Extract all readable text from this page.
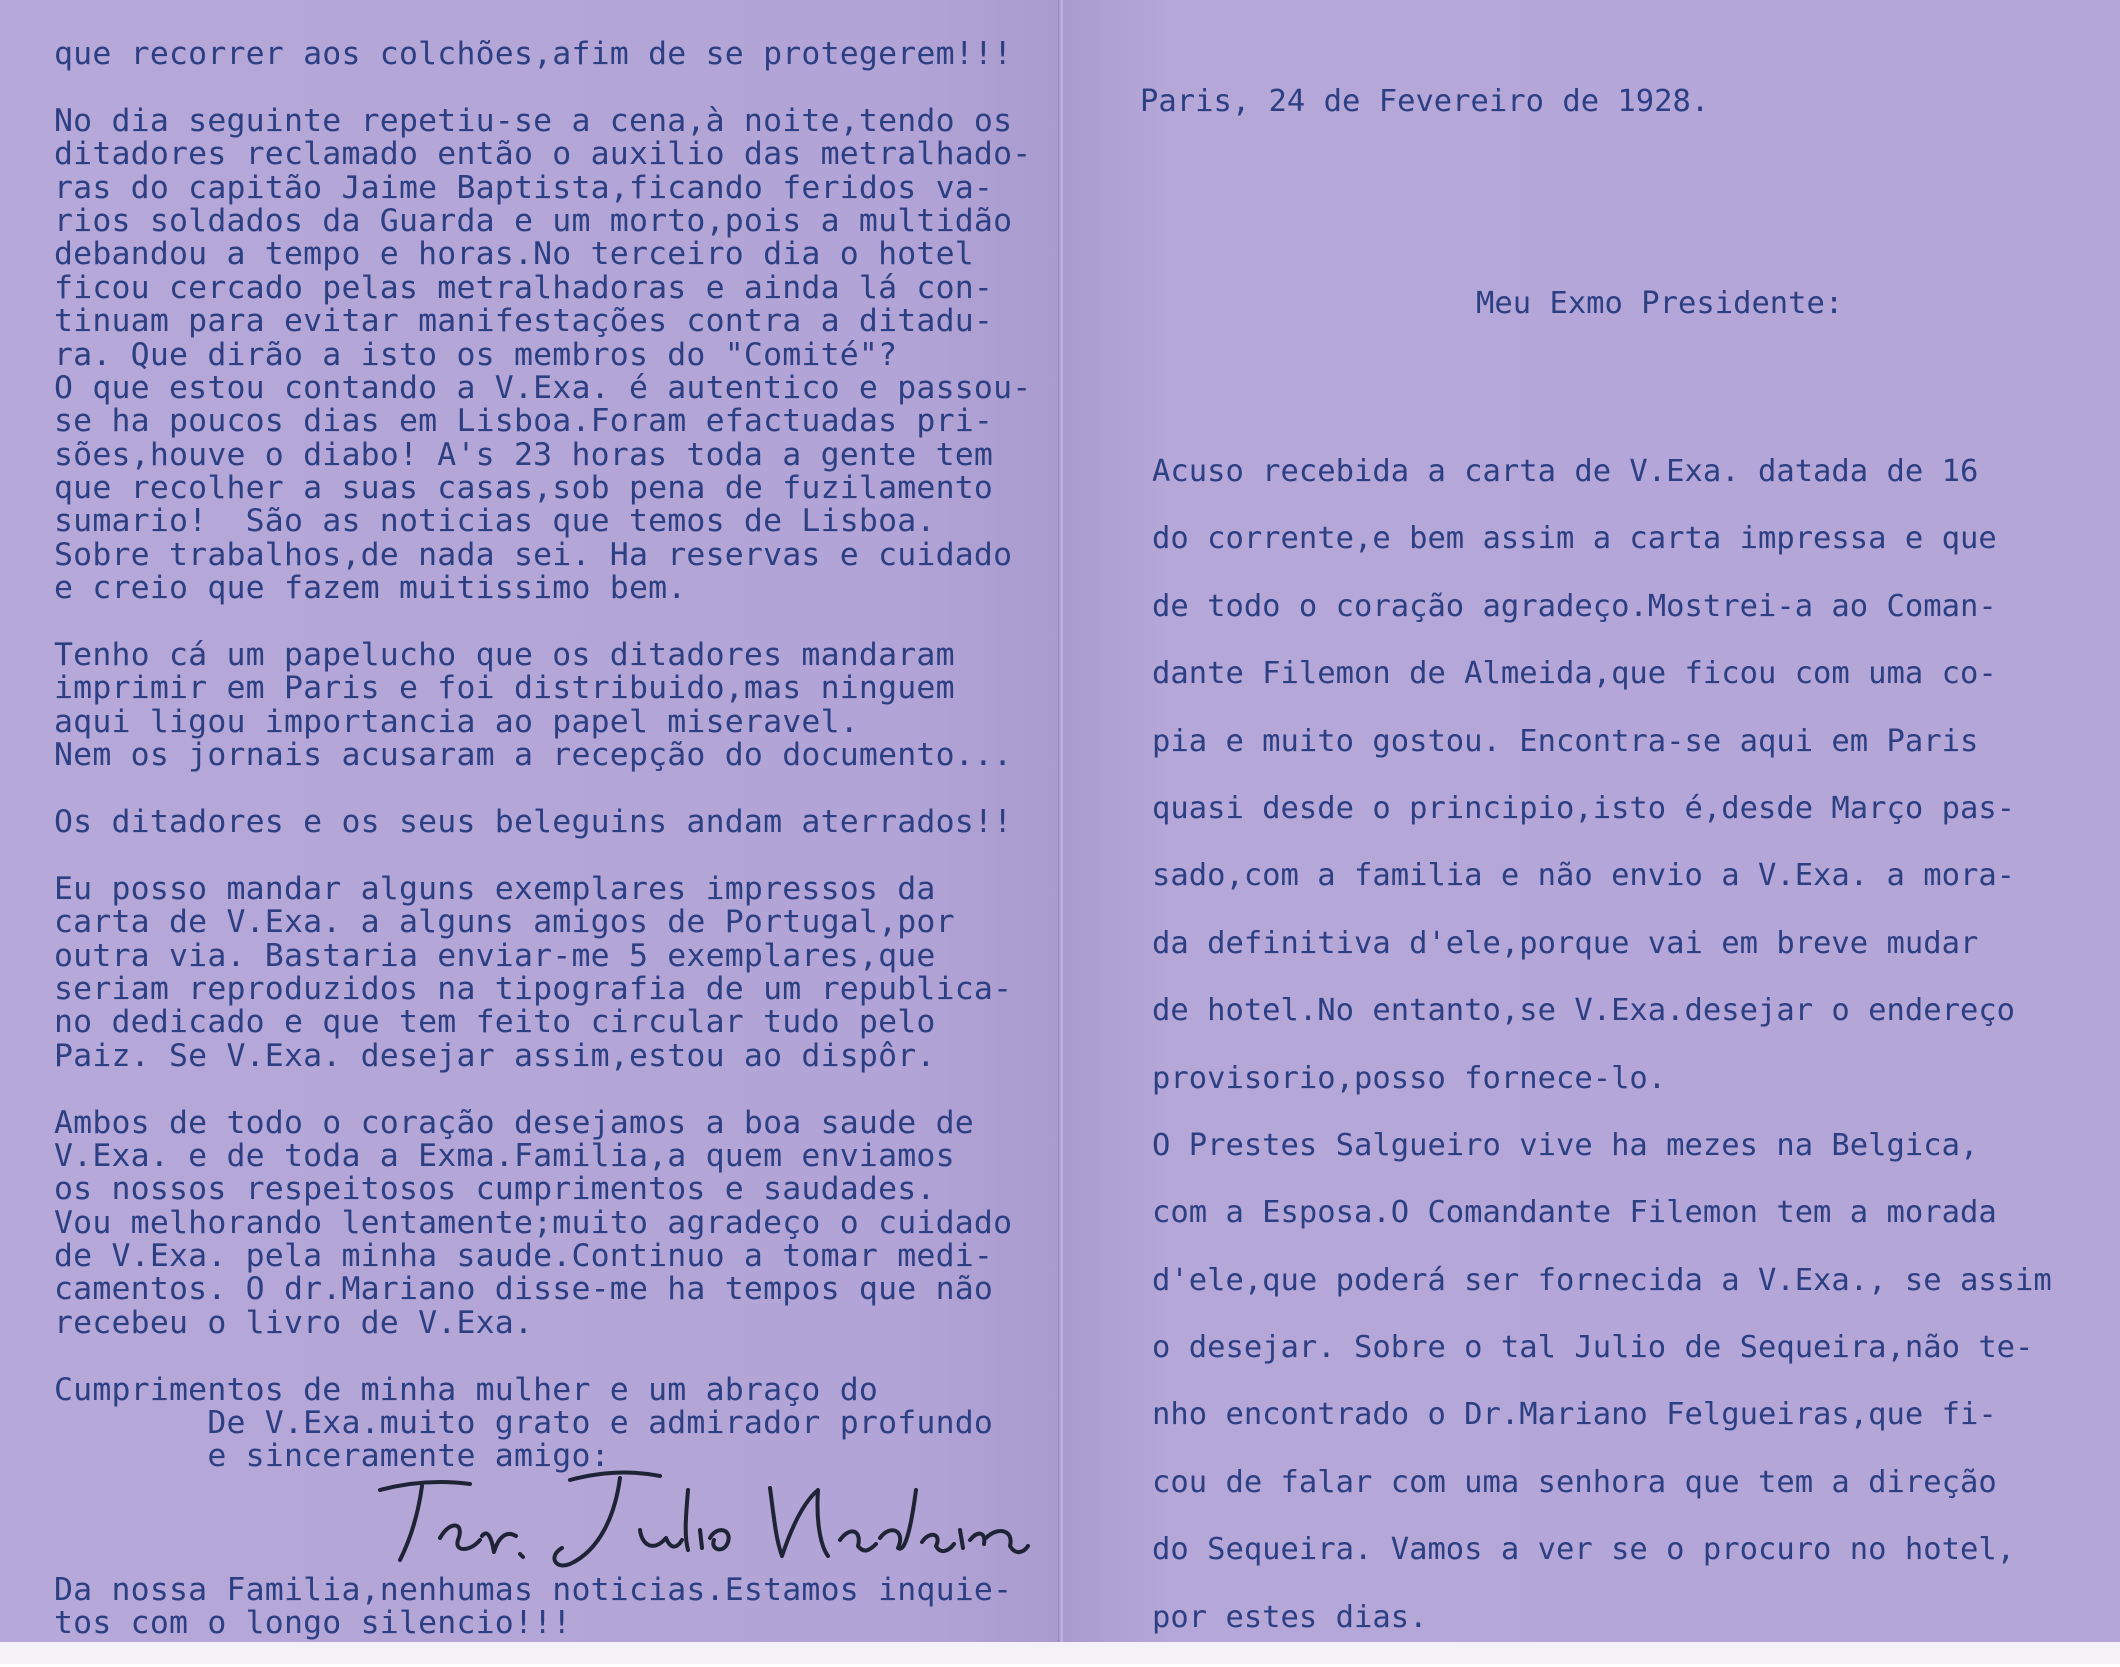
que recorrer aos colchões,afim de se protegerem!!!

No dia seguinte repetiu-se a cena,à noite,tendo os
ditadores reclamado então o auxilio das metralhado-
ras do capitão Jaime Baptista,ficando feridos va-
rios soldados da Guarda e um morto,pois a multidão
debandou a tempo e horas.No terceiro dia o hotel
ficou cercado pelas metralhadoras e ainda lá con-
tinuam para evitar manifestações contra a ditadu-
ra. Que dirão a isto os membros do "Comité"?
O que estou contando a V.Exa. é autentico e passou-
se ha poucos dias em Lisboa.Foram efactuadas pri-
sões,houve o diabo! A's 23 horas toda a gente tem
que recolher a suas casas,sob pena de fuzilamento
sumario!  São as noticias que temos de Lisboa.
Sobre trabalhos,de nada sei. Ha reservas e cuidado
e creio que fazem muitissimo bem.

Tenho cá um papelucho que os ditadores mandaram
imprimir em Paris e foi distribuido,mas ninguem
aqui ligou importancia ao papel miseravel.
Nem os jornais acusaram a recepção do documento...

Os ditadores e os seus beleguins andam aterrados!!

Eu posso mandar alguns exemplares impressos da
carta de V.Exa. a alguns amigos de Portugal,por
outra via. Bastaria enviar-me 5 exemplares,que
seriam reproduzidos na tipografia de um republica-
no dedicado e que tem feito circular tudo pelo
Paiz. Se V.Exa. desejar assim,estou ao dispôr.

Ambos de todo o coração desejamos a boa saude de
V.Exa. e de toda a Exma.Familia,a quem enviamos
os nossos respeitosos cumprimentos e saudades.
Vou melhorando lentamente;muito agradeço o cuidado
de V.Exa. pela minha saude.Continuo a tomar medi-
camentos. O dr.Mariano disse-me ha tempos que não
recebeu o livro de V.Exa.

Cumprimentos de minha mulher e um abraço do
De V.Exa.muito grato e admirador profundo
e sinceramente amigo:

Da nossa Familia,nenhumas noticias.Estamos inquie-
tos com o longo silencio!!!
Paris, 24 de Fevereiro de 1928.
Meu Exmo Presidente:
Acuso recebida a carta de V.Exa. datada de 16
do corrente,e bem assim a carta impressa e que
de todo o coração agradeço.Mostrei-a ao Coman-
dante Filemon de Almeida,que ficou com uma co-
pia e muito gostou. Encontra-se aqui em Paris
quasi desde o principio,isto é,desde Março pas-
sado,com a familia e não envio a V.Exa. a mora-
da definitiva d'ele,porque vai em breve mudar
de hotel.No entanto,se V.Exa.desejar o endereço
provisorio,posso fornece-lo.
O Prestes Salgueiro vive ha mezes na Belgica,
com a Esposa.O Comandante Filemon tem a morada
d'ele,que poderá ser fornecida a V.Exa., se assim
o desejar. Sobre o tal Julio de Sequeira,não te-
nho encontrado o Dr.Mariano Felgueiras,que fi-
cou de falar com uma senhora que tem a direção
do Sequeira. Vamos a ver se o procuro no hotel,
por estes dias.
